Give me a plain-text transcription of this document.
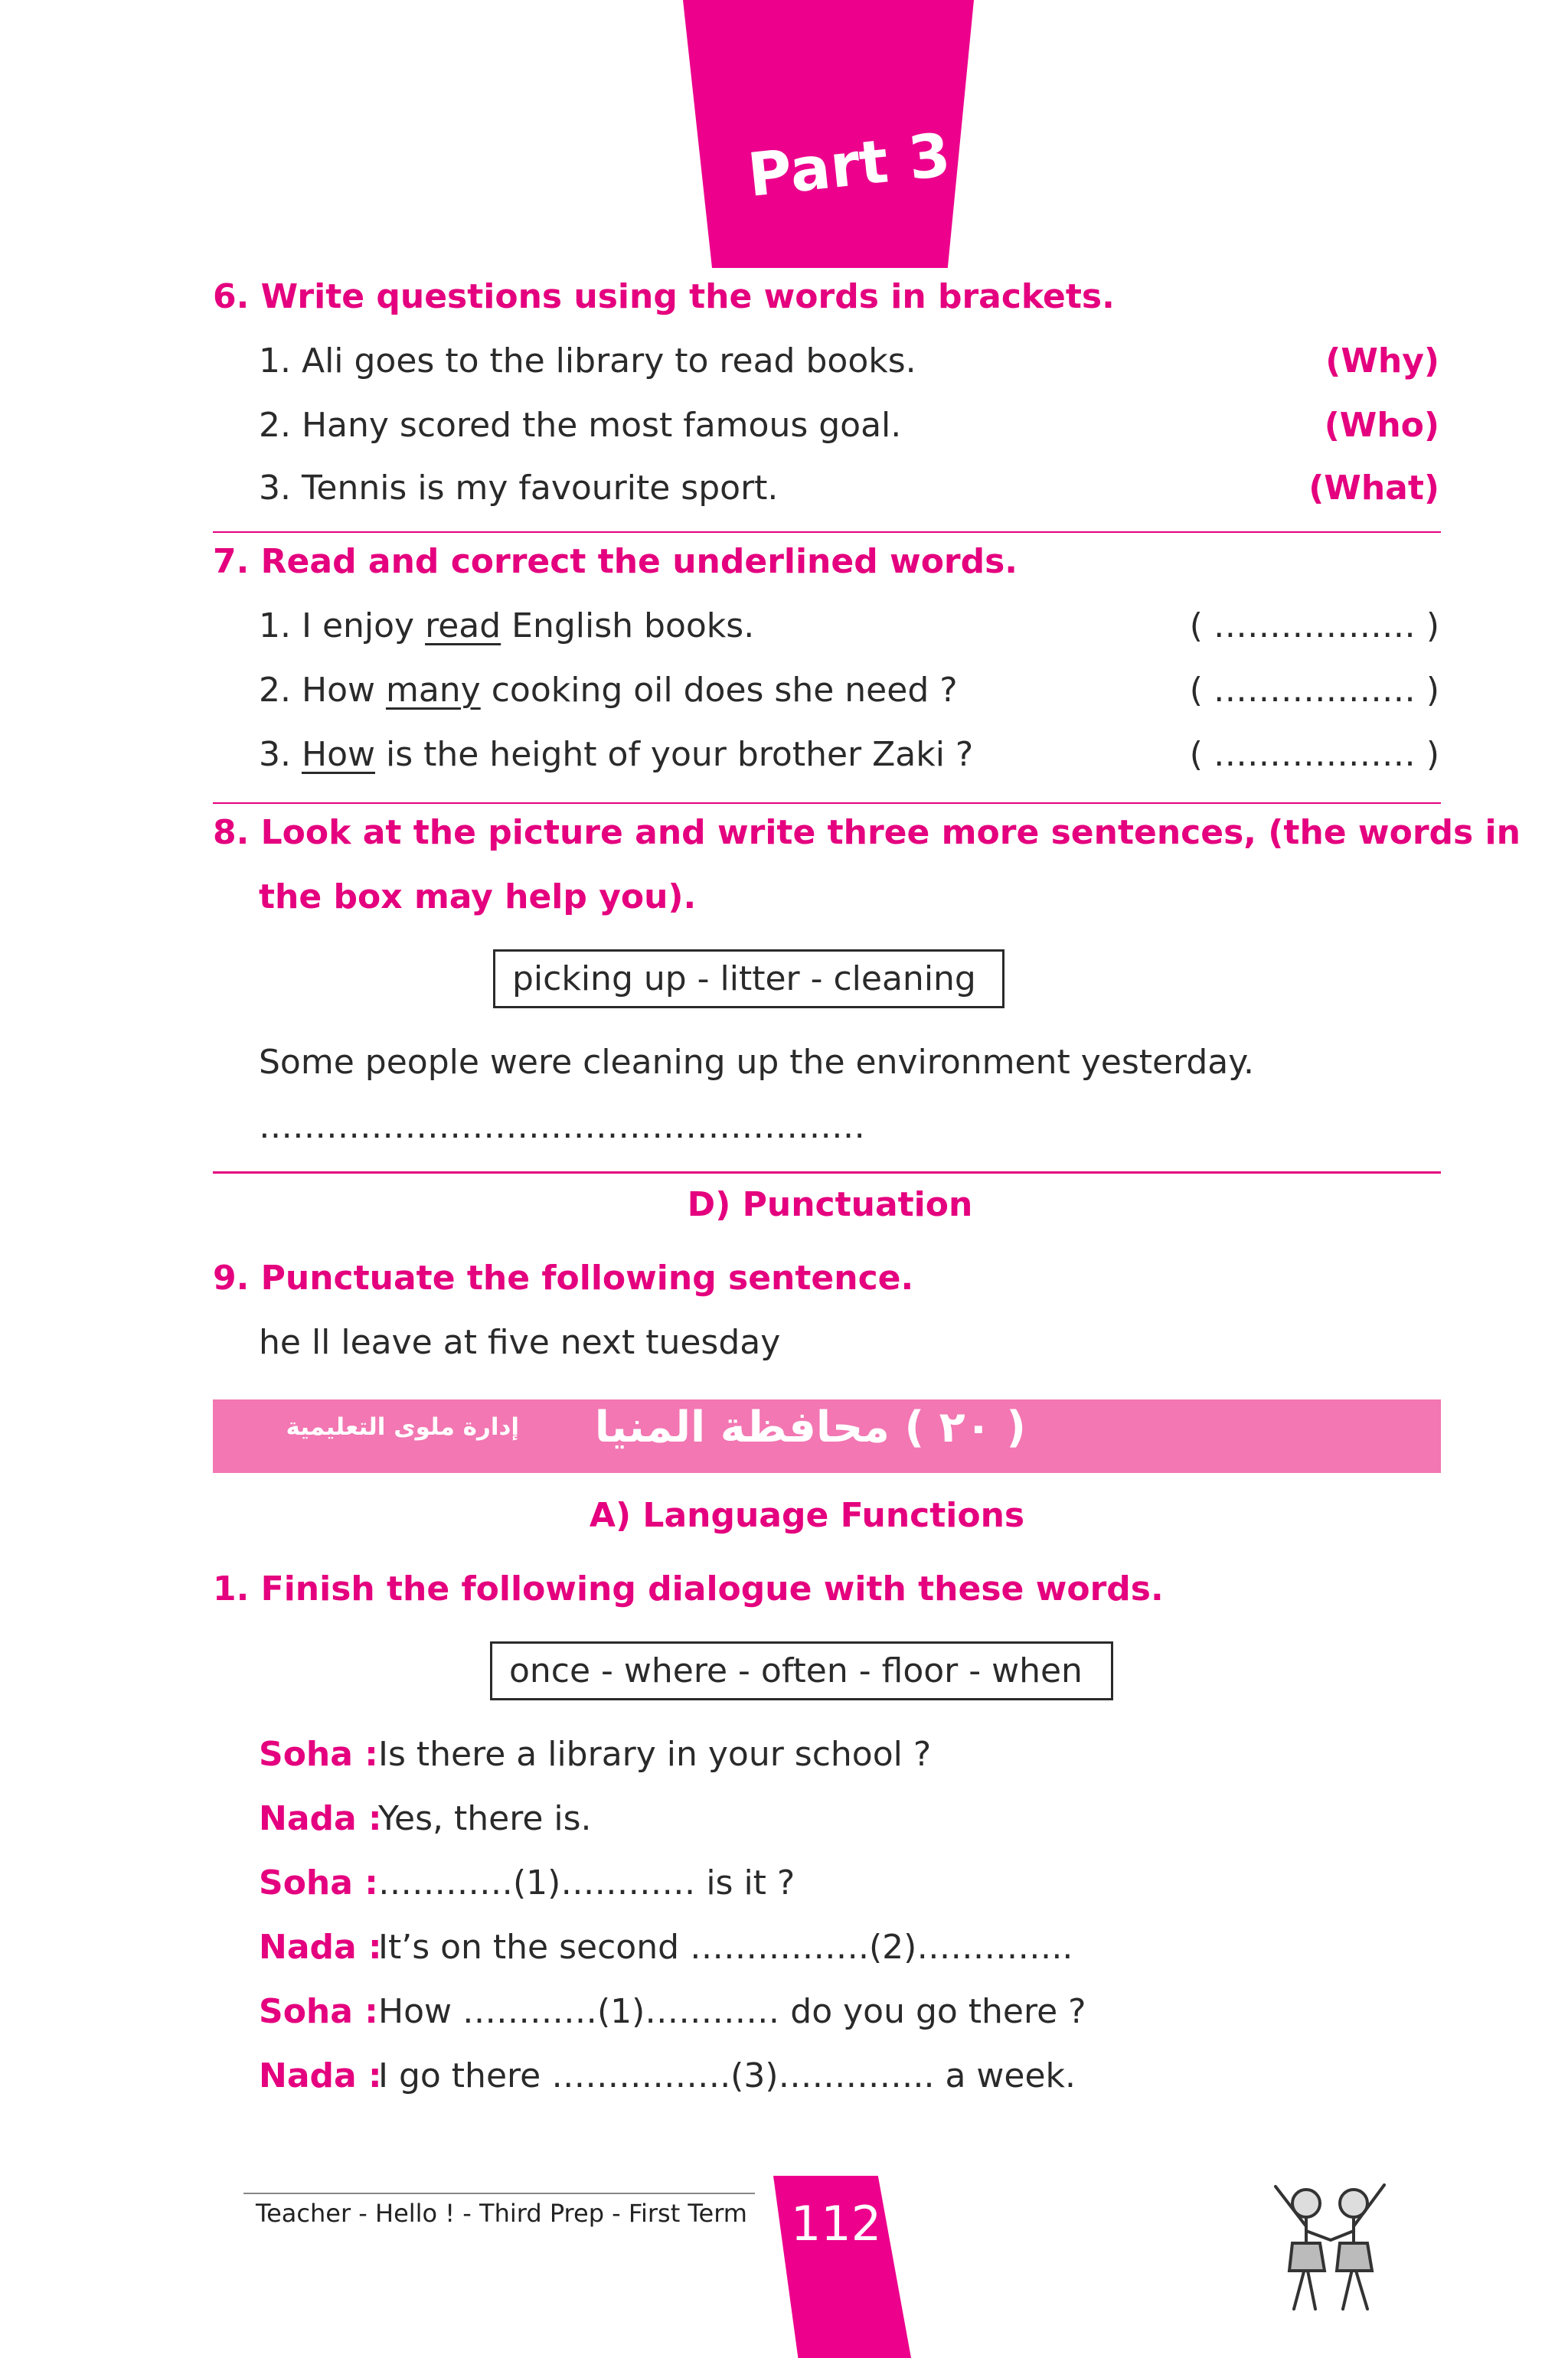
Part 3
6. Write questions using the words in brackets.
1. Ali goes to the library to read books.	(Why)
2. Hany scored the most famous goal.	(Who)
3. Tennis is my favourite sport.	(What)
7. Read and correct the underlined words.
1. I enjoy read English books.	( ……………… )
2. How many cooking oil does she need ?	( ……………… )
3. How is the height of your brother Zaki ?	( ……………… )
8. Look at the picture and write three more sentences, (the words in
the box may help you).
picking up - litter - cleaning
Some people were cleaning up the environment yesterday.
………………………………………………
D) Punctuation
9. Punctuate the following sentence.
he ll leave at five next tuesday
إدارة ملوى التعليمية ( ٢٠ ) محافظة المنيا
A) Language Functions
1. Finish the following dialogue with these words.
once - where - often - floor - when
Soha : Is there a library in your school ?
Nada :
Yes, there is.
Soha : …………(1)………… is it ?
Nada :
It’s on the second …………….(2)…………..
Soha : How …………(1)………… do you go there ?
Nada :
I go there …………….(3)………….. a week.
Teacher - Hello ! - Third Prep - First Term 112
